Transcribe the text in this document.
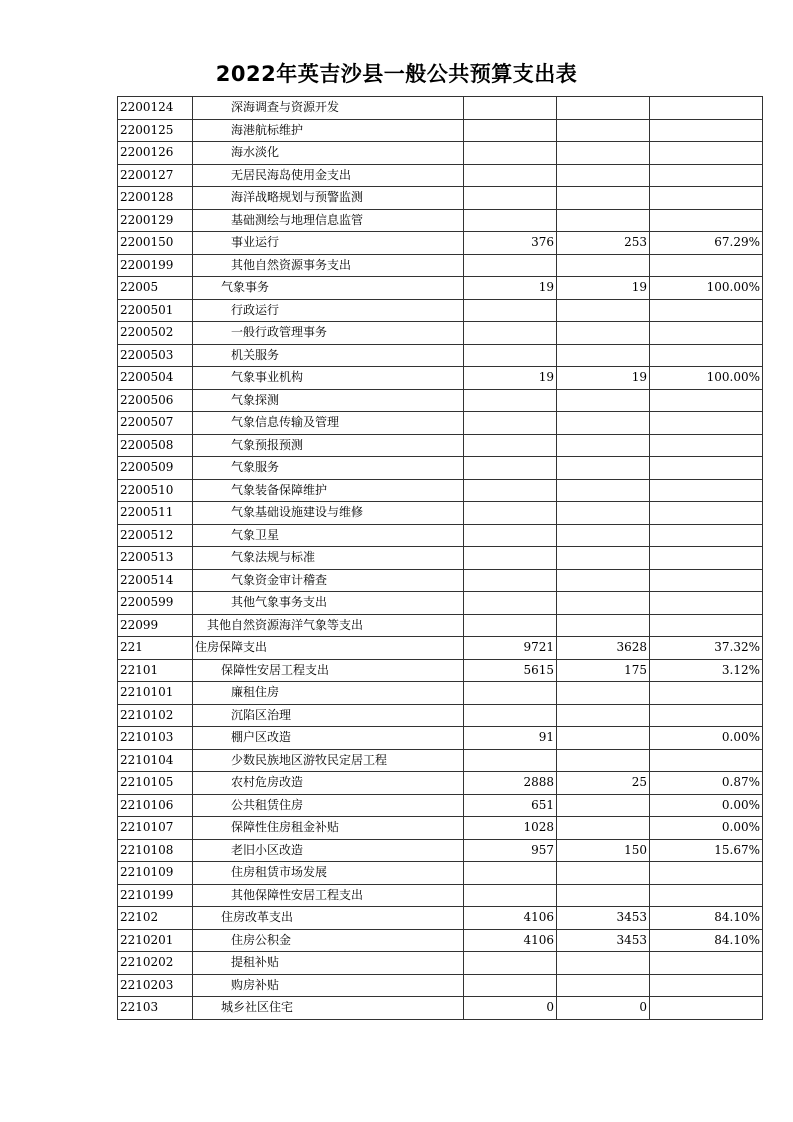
2022年英吉沙县一般公共预算支出表
2200124	深海调查与资源开发			
2200125	海港航标维护			
2200126	海水淡化			
2200127	无居民海岛使用金支出			
2200128	海洋战略规划与预警监测			
2200129	基础测绘与地理信息监管			
2200150	事业运行	376	253	67.29%
2200199	其他自然资源事务支出			
22005	气象事务	19	19	100.00%
2200501	行政运行			
2200502	一般行政管理事务			
2200503	机关服务			
2200504	气象事业机构	19	19	100.00%
2200506	气象探测			
2200507	气象信息传输及管理			
2200508	气象预报预测			
2200509	气象服务			
2200510	气象装备保障维护			
2200511	气象基础设施建设与维修			
2200512	气象卫星			
2200513	气象法规与标准			
2200514	气象资金审计稽查			
2200599	其他气象事务支出			
22099	其他自然资源海洋气象等支出			
221	住房保障支出	9721	3628	37.32%
22101	保障性安居工程支出	5615	175	3.12%
2210101	廉租住房			
2210102	沉陷区治理			
2210103	棚户区改造	91		0.00%
2210104	少数民族地区游牧民定居工程			
2210105	农村危房改造	2888	25	0.87%
2210106	公共租赁住房	651		0.00%
2210107	保障性住房租金补贴	1028		0.00%
2210108	老旧小区改造	957	150	15.67%
2210109	住房租赁市场发展			
2210199	其他保障性安居工程支出			
22102	住房改革支出	4106	3453	84.10%
2210201	住房公积金	4106	3453	84.10%
2210202	提租补贴			
2210203	购房补贴			
22103	城乡社区住宅	0	0	
